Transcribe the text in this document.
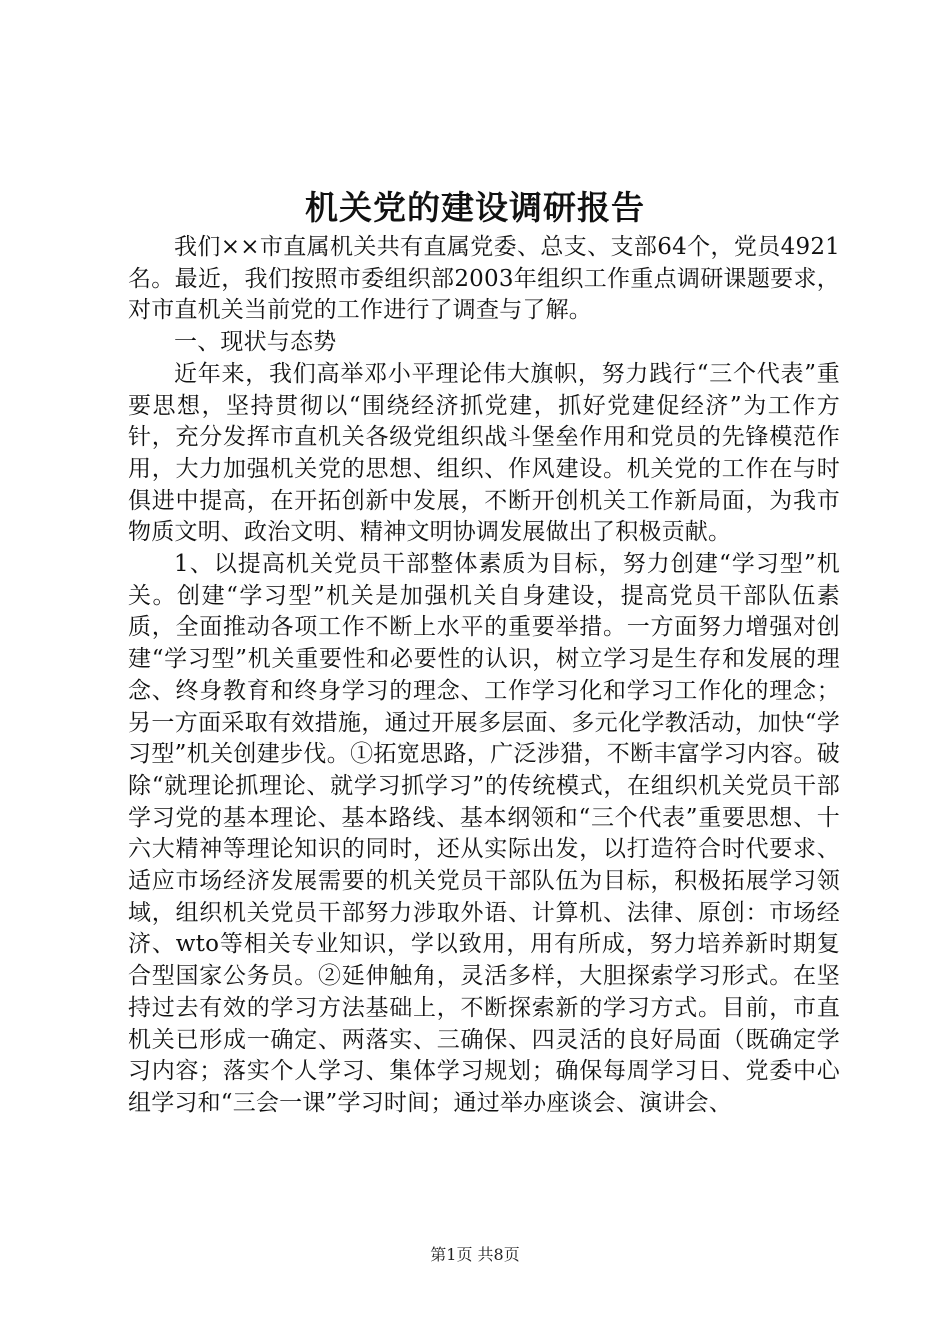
机关党的建设调研报告

我们××市直属机关共有直属党委、总支、支部64个，党员4921名。最近，我们按照市委组织部2003年组织工作重点调研课题要求，对市直机关当前党的工作进行了调查与了解。

一、现状与态势

近年来，我们高举邓小平理论伟大旗帜，努力践行“三个代表”重要思想，坚持贯彻以“围绕经济抓党建，抓好党建促经济”为工作方针，充分发挥市直机关各级党组织战斗堡垒作用和党员的先锋模范作用，大力加强机关党的思想、组织、作风建设。机关党的工作在与时俱进中提高，在开拓创新中发展，不断开创机关工作新局面，为我市物质文明、政治文明、精神文明协调发展做出了积极贡献。

1、以提高机关党员干部整体素质为目标，努力创建“学习型”机关。创建“学习型”机关是加强机关自身建设，提高党员干部队伍素质，全面推动各项工作不断上水平的重要举措。一方面努力增强对创建“学习型”机关重要性和必要性的认识，树立学习是生存和发展的理念、终身教育和终身学习的理念、工作学习化和学习工作化的理念；另一方面采取有效措施，通过开展多层面、多元化学教活动，加快“学习型”机关创建步伐。①拓宽思路，广泛涉猎，不断丰富学习内容。破除“就理论抓理论、就学习抓学习”的传统模式，在组织机关党员干部学习党的基本理论、基本路线、基本纲领和“三个代表”重要思想、十六大精神等理论知识的同时，还从实际出发，以打造符合时代要求、适应市场经济发展需要的机关党员干部队伍为目标，积极拓展学习领域，组织机关党员干部努力涉取外语、计算机、法律、原创：市场经济、wto等相关专业知识，学以致用，用有所成，努力培养新时期复合型国家公务员。②延伸触角，灵活多样，大胆探索学习形式。在坚持过去有效的学习方法基础上，不断探索新的学习方式。目前，市直机关已形成一确定、两落实、三确保、四灵活的良好局面（既确定学习内容；落实个人学习、集体学习规划；确保每周学习日、党委中心组学习和“三会一课”学习时间；通过举办座谈会、演讲会、

第1页 共8页
